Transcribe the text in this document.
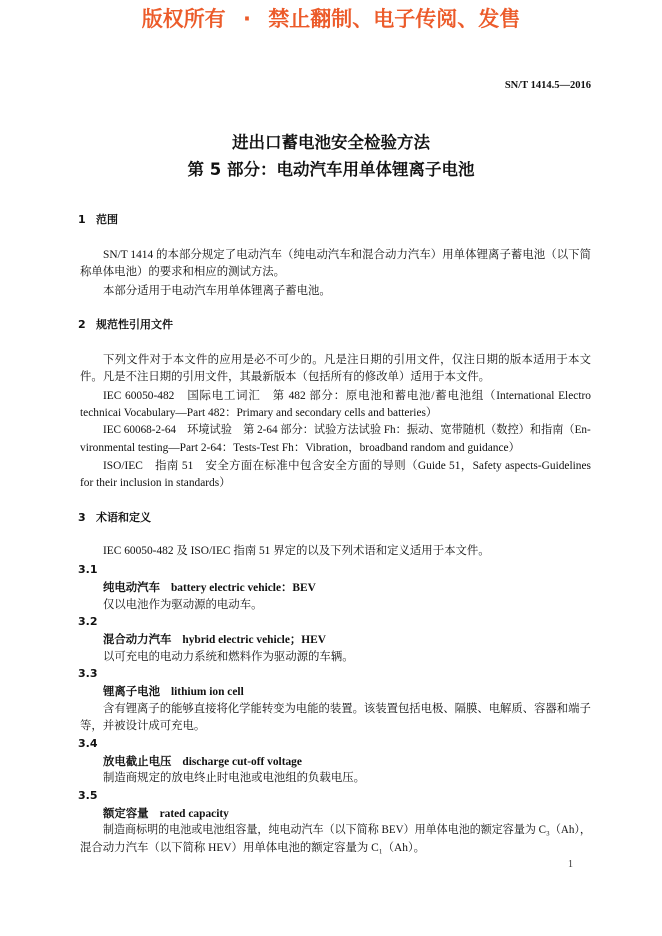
版权所有 · 禁止翻制、电子传阅、发售
SN/T 1414.5—2016
进出口蓄电池安全检验方法
第 5 部分：电动汽车用单体锂离子电池
1 范围
SN/T 1414 的本部分规定了电动汽车（纯电动汽车和混合动力汽车）用单体锂离子蓄电池（以下简
称单体电池）的要求和相应的测试方法。
本部分适用于电动汽车用单体锂离子蓄电池。
2 规范性引用文件
下列文件对于本文件的应用是必不可少的。凡是注日期的引用文件，仅注日期的版本适用于本文
件。凡是不注日期的引用文件，其最新版本（包括所有的修改单）适用于本文件。
IEC 60050-482　国际电工词汇　第 482 部分：原电池和蓄电池/蓄电池组（International Electro
technicai Vocabulary—Part 482：Primary and secondary cells and batteries）
IEC 60068-2-64　环境试验　第 2-64 部分：试验方法试验 Fh：振动、宽带随机（数控）和指南（En-
vironmental testing—Part 2-64：Tests-Test Fh：Vibration，broadband random and guidance）
ISO/IEC　指南 51　安全方面在标准中包含安全方面的导则（Guide 51，Safety aspects-Guidelines
for their inclusion in standards）
3 术语和定义
IEC 60050-482 及 ISO/IEC 指南 51 界定的以及下列术语和定义适用于本文件。
3.1
纯电动汽车 battery electric vehicle：BEV
仅以电池作为驱动源的电动车。
3.2
混合动力汽车 hybrid electric vehicle；HEV
以可充电的电动力系统和燃料作为驱动源的车辆。
3.3
锂离子电池 lithium ion cell
含有锂离子的能够直接将化学能转变为电能的装置。该装置包括电极、隔膜、电解质、容器和端子
等，并被设计成可充电。
3.4
放电截止电压 discharge cut-off voltage
制造商规定的放电终止时电池或电池组的负载电压。
3.5
额定容量 rated capacity
制造商标明的电池或电池组容量，纯电动汽车（以下简称 BEV）用单体电池的额定容量为 C₃（Ah），
混合动力汽车（以下简称 HEV）用单体电池的额定容量为 C₁（Ah）。
1
